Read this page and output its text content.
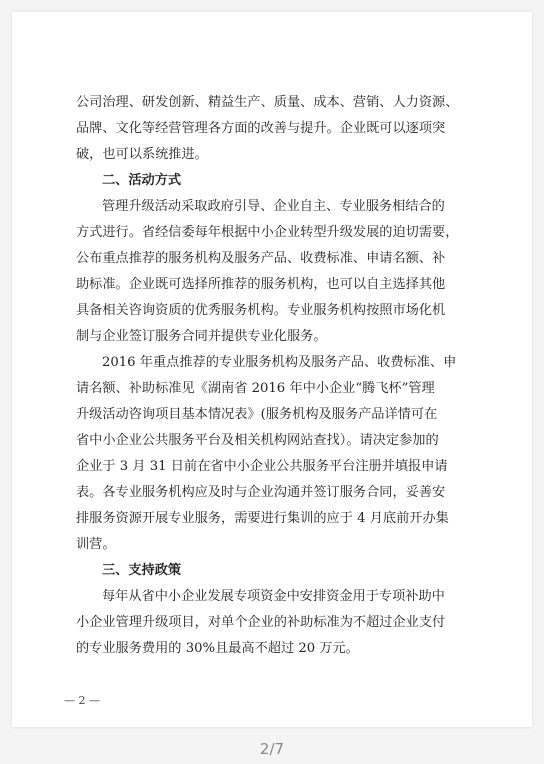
公司治理、研发创新、精益生产、质量、成本、营销、人力资源、
品牌、文化等经营管理各方面的改善与提升。企业既可以逐项突
破，也可以系统推进。
二、活动方式
管理升级活动采取政府引导、企业自主、专业服务相结合的
方式进行。省经信委每年根据中小企业转型升级发展的迫切需要，
公布重点推荐的服务机构及服务产品、收费标准、申请名额、补
助标准。企业既可选择所推荐的服务机构，也可以自主选择其他
具备相关咨询资质的优秀服务机构。专业服务机构按照市场化机
制与企业签订服务合同并提供专业化服务。
2016 年重点推荐的专业服务机构及服务产品、收费标准、申
请名额、补助标准见《湖南省 2016 年中小企业“腾飞杯”管理
升级活动咨询项目基本情况表》(服务机构及服务产品详情可在
省中小企业公共服务平台及相关机构网站查找）。请决定参加的
企业于 3 月 31 日前在省中小企业公共服务平台注册并填报申请
表。各专业服务机构应及时与企业沟通并签订服务合同，妥善安
排服务资源开展专业服务，需要进行集训的应于 4 月底前开办集
训营。
三、支持政策
每年从省中小企业发展专项资金中安排资金用于专项补助中
小企业管理升级项目，对单个企业的补助标准为不超过企业支付
的专业服务费用的 30%且最高不超过 20 万元。
— 2 —
2/7
